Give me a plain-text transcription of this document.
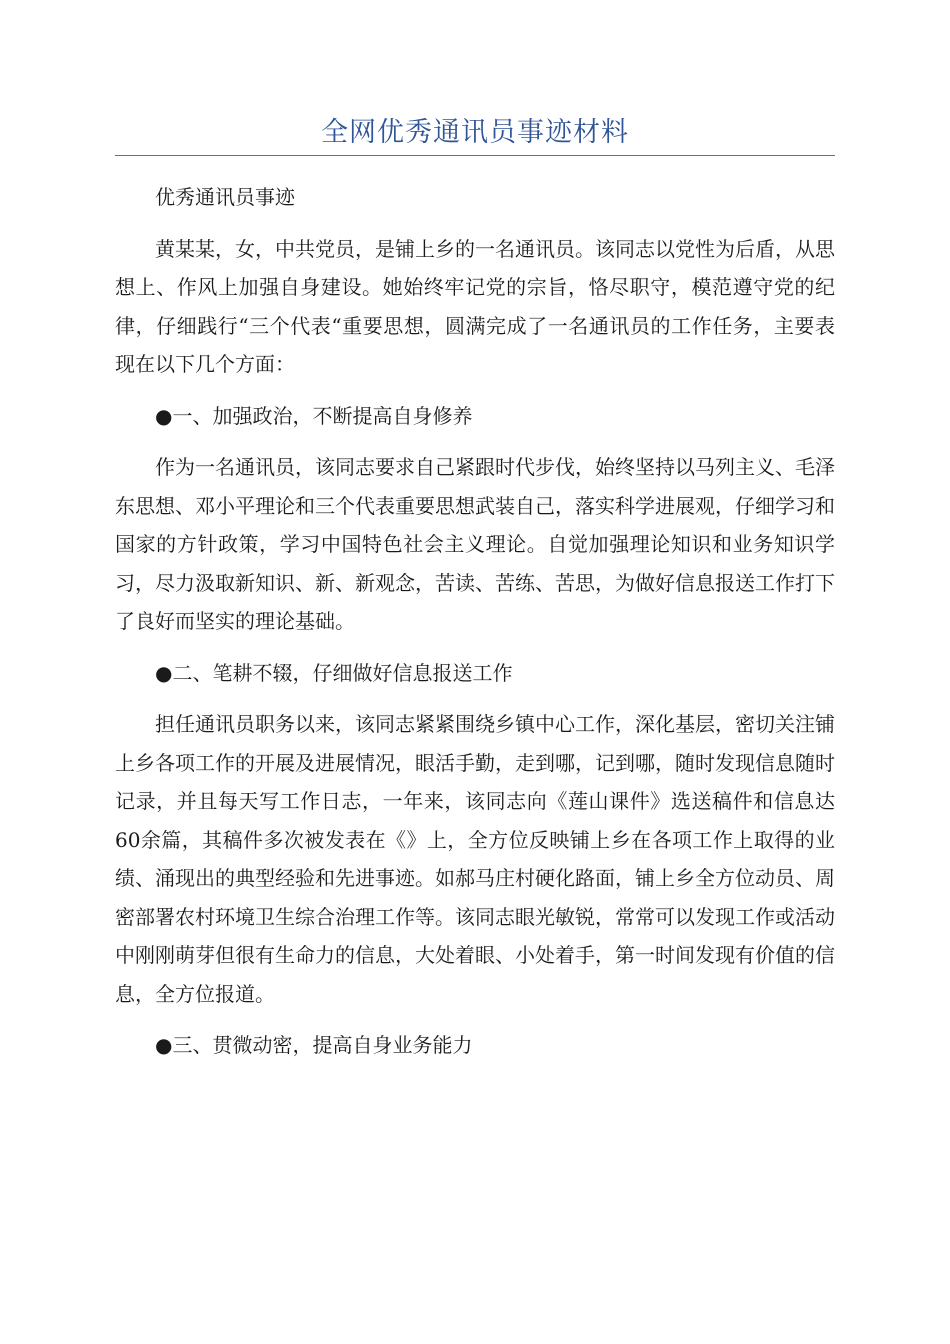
全网优秀通讯员事迹材料

优秀通讯员事迹

黄某某，女，中共党员，是铺上乡的一名通讯员。该同志以党性为后盾，从思想上、作风上加强自身建设。她始终牢记党的宗旨，恪尽职守，模范遵守党的纪律，仔细践行“三个代表“重要思想，圆满完成了一名通讯员的工作任务，主要表现在以下几个方面：

●一、加强政治，不断提高自身修养

作为一名通讯员，该同志要求自己紧跟时代步伐，始终坚持以马列主义、毛泽东思想、邓小平理论和三个代表重要思想武装自己，落实科学进展观，仔细学习和国家的方针政策，学习中国特色社会主义理论。自觉加强理论知识和业务知识学习，尽力汲取新知识、新、新观念，苦读、苦练、苦思，为做好信息报送工作打下了良好而坚实的理论基础。

●二、笔耕不辍，仔细做好信息报送工作

担任通讯员职务以来，该同志紧紧围绕乡镇中心工作，深化基层，密切关注铺上乡各项工作的开展及进展情况，眼活手勤，走到哪，记到哪，随时发现信息随时记录，并且每天写工作日志，一年来，该同志向《莲山课件》选送稿件和信息达60余篇，其稿件多次被发表在《》上，全方位反映铺上乡在各项工作上取得的业绩、涌现出的典型经验和先进事迹。如郝马庄村硬化路面，铺上乡全方位动员、周密部署农村环境卫生综合治理工作等。该同志眼光敏锐，常常可以发现工作或活动中刚刚萌芽但很有生命力的信息，大处着眼、小处着手，第一时间发现有价值的信息，全方位报道。

●三、贯微动密，提高自身业务能力
